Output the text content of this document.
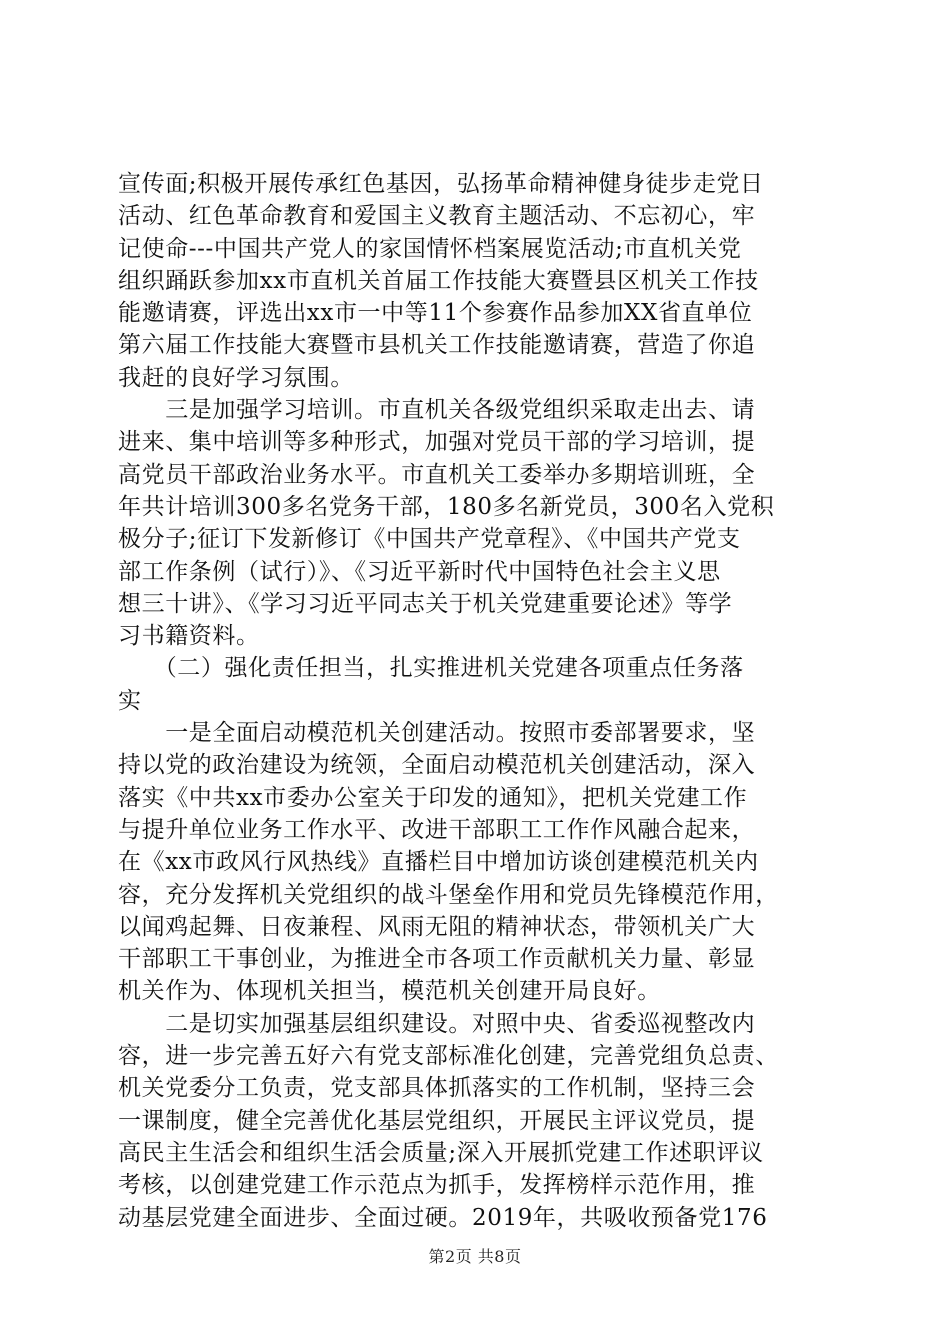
宣传面;积极开展传承红色基因，弘扬革命精神健身徒步走党日
活动、红色革命教育和爱国主义教育主题活动、不忘初心，牢
记使命---中国共产党人的家国情怀档案展览活动;市直机关党
组织踊跃参加xx市直机关首届工作技能大赛暨县区机关工作技
能邀请赛，评选出xx市一中等11个参赛作品参加XX省直单位
第六届工作技能大赛暨市县机关工作技能邀请赛，营造了你追
我赶的良好学习氛围。
　　三是加强学习培训。市直机关各级党组织采取走出去、请
进来、集中培训等多种形式，加强对党员干部的学习培训，提
高党员干部政治业务水平。市直机关工委举办多期培训班，全
年共计培训300多名党务干部，180多名新党员，300名入党积
极分子;征订下发新修订《中国共产党章程》、《中国共产党支
部工作条例（试行）》、《习近平新时代中国特色社会主义思
想三十讲》、《学习习近平同志关于机关党建重要论述》等学
习书籍资料。
　　（二）强化责任担当，扎实推进机关党建各项重点任务落
实
　　一是全面启动模范机关创建活动。按照市委部署要求，坚
持以党的政治建设为统领，全面启动模范机关创建活动，深入
落实《中共xx市委办公室关于印发的通知》，把机关党建工作
与提升单位业务工作水平、改进干部职工工作作风融合起来，
在《xx市政风行风热线》直播栏目中增加访谈创建模范机关内
容，充分发挥机关党组织的战斗堡垒作用和党员先锋模范作用，
以闻鸡起舞、日夜兼程、风雨无阻的精神状态，带领机关广大
干部职工干事创业，为推进全市各项工作贡献机关力量、彰显
机关作为、体现机关担当，模范机关创建开局良好。
　　二是切实加强基层组织建设。对照中央、省委巡视整改内
容，进一步完善五好六有党支部标准化创建，完善党组负总责、
机关党委分工负责，党支部具体抓落实的工作机制，坚持三会
一课制度，健全完善优化基层党组织，开展民主评议党员，提
高民主生活会和组织生活会质量;深入开展抓党建工作述职评议
考核，以创建党建工作示范点为抓手，发挥榜样示范作用，推
动基层党建全面进步、全面过硬。2019年，共吸收预备党176
第2页 共8页
